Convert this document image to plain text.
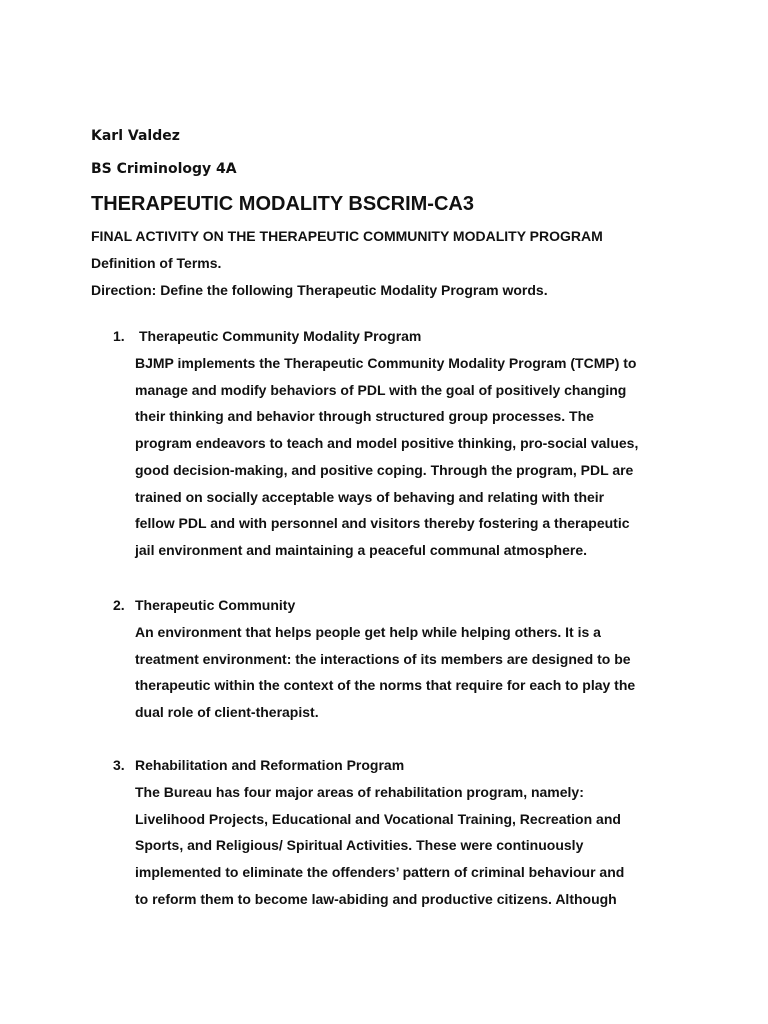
Karl Valdez
BS Criminology 4A
THERAPEUTIC MODALITY BSCRIM-CA3
FINAL ACTIVITY ON THE THERAPEUTIC COMMUNITY MODALITY PROGRAM
Definition of Terms.
Direction: Define the following Therapeutic Modality Program words.
1.	Therapeutic Community Modality Program
BJMP implements the Therapeutic Community Modality Program (TCMP) to
manage and modify behaviors of PDL with the goal of positively changing
their thinking and behavior through structured group processes. The
program endeavors to teach and model positive thinking, pro-social values,
good decision-making, and positive coping. Through the program, PDL are
trained on socially acceptable ways of behaving and relating with their
fellow PDL and with personnel and visitors thereby fostering a therapeutic
jail environment and maintaining a peaceful communal atmosphere.
2. Therapeutic Community
An environment that helps people get help while helping others. It is a
treatment environment: the interactions of its members are designed to be
therapeutic within the context of the norms that require for each to play the
dual role of client-therapist.
3. Rehabilitation and Reformation Program
The Bureau has four major areas of rehabilitation program, namely:
Livelihood Projects, Educational and Vocational Training, Recreation and
Sports, and Religious/ Spiritual Activities. These were continuously
implemented to eliminate the offenders’ pattern of criminal behaviour and
to reform them to become law-abiding and productive citizens. Although
